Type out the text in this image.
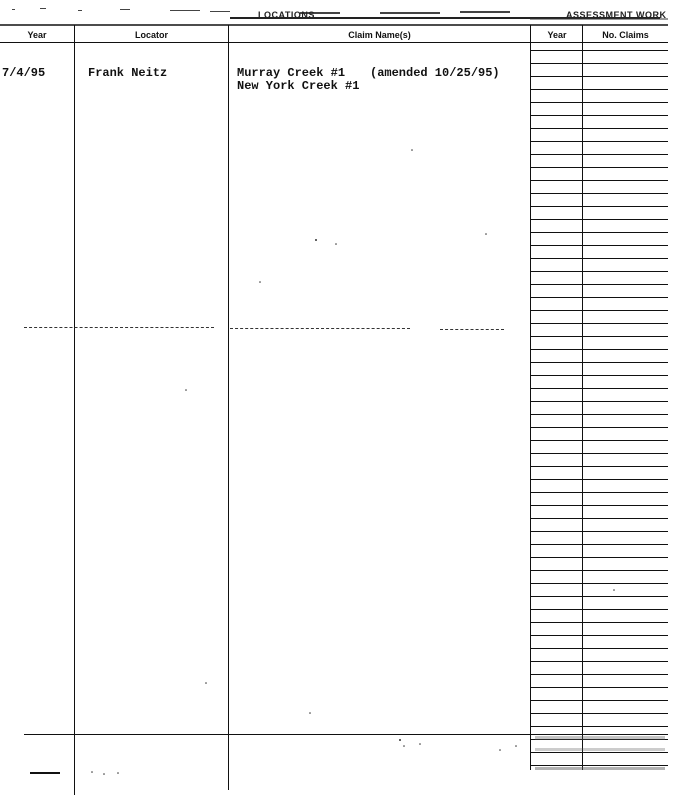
LOCATIONS	ASSESSMENT WORK
Year	Locator	Claim Name(s)	Year	No. Claims
7/4/95	Frank Neitz	Murray Creek #1 (amended 10/25/95)
New York Creek #1
